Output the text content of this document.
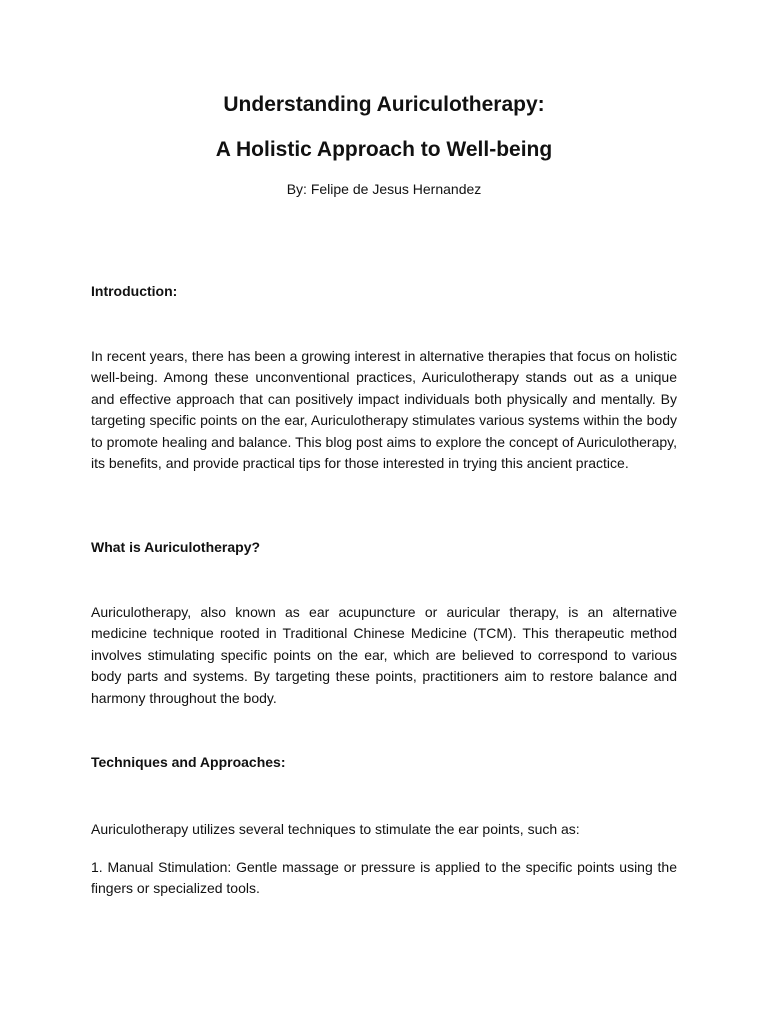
Understanding Auriculotherapy:
A Holistic Approach to Well-being
By: Felipe de Jesus Hernandez
Introduction:

In recent years, there has been a growing interest in alternative therapies that focus on holistic well-being. Among these unconventional practices, Auriculotherapy stands out as a unique and effective approach that can positively impact individuals both physically and mentally. By targeting specific points on the ear, Auriculotherapy stimulates various systems within the body to promote healing and balance. This blog post aims to explore the concept of Auriculotherapy, its benefits, and provide practical tips for those interested in trying this ancient practice.

What is Auriculotherapy?

Auriculotherapy, also known as ear acupuncture or auricular therapy, is an alternative medicine technique rooted in Traditional Chinese Medicine (TCM). This therapeutic method involves stimulating specific points on the ear, which are believed to correspond to various body parts and systems. By targeting these points, practitioners aim to restore balance and harmony throughout the body.

Techniques and Approaches:

Auriculotherapy utilizes several techniques to stimulate the ear points, such as:

1. Manual Stimulation: Gentle massage or pressure is applied to the specific points using the fingers or specialized tools.
